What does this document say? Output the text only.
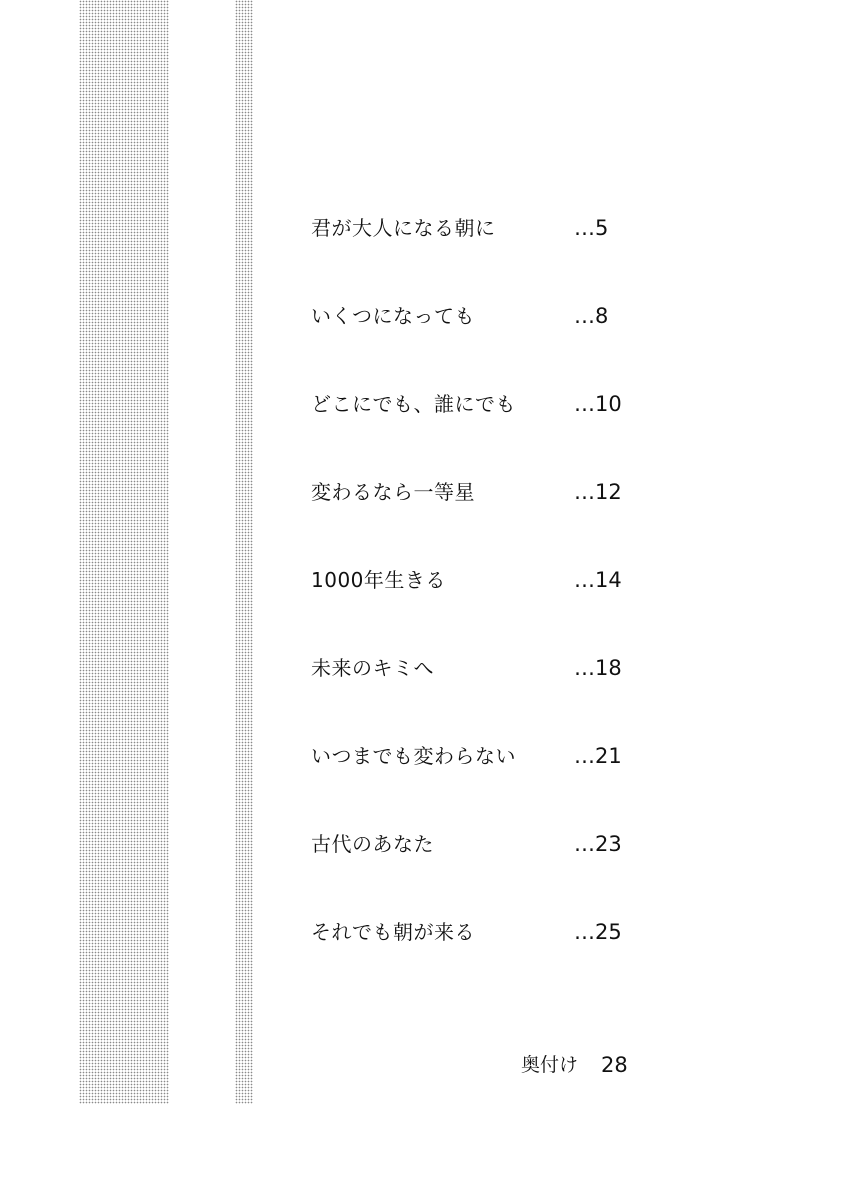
君が大人になる朝に	…5
いくつになっても	…8
どこにでも、誰にでも	…10
変わるなら一等星	…12
1000年生きる	…14
未来のキミへ	…18
いつまでも変わらない	…21
古代のあなた	…23
それでも朝が来る	…25
奥付け 28
